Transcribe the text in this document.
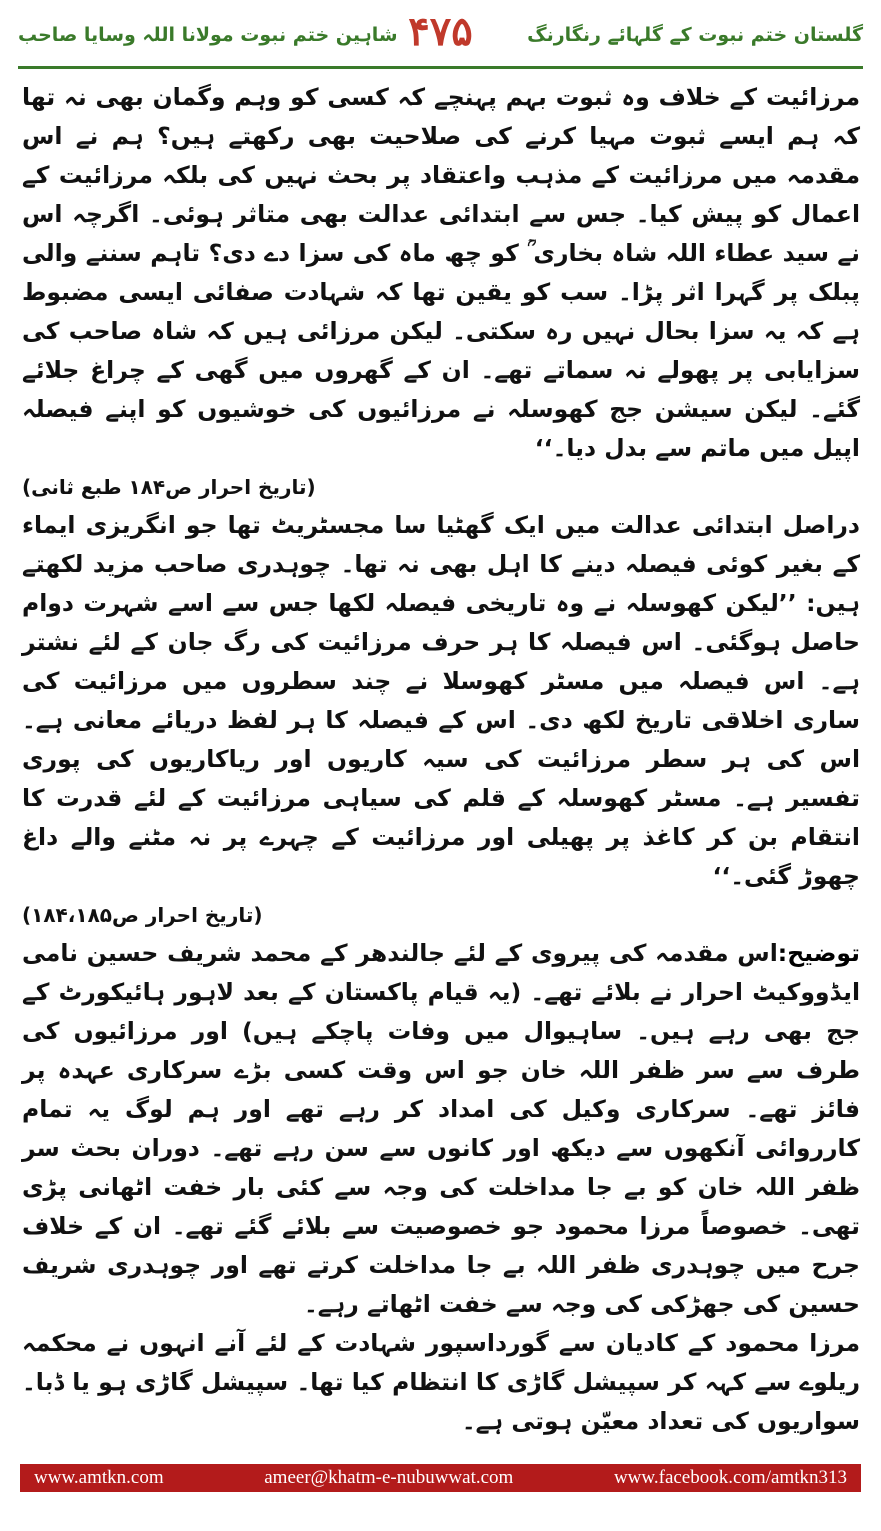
شاہین ختم نبوت مولانا اللہ وسایا صاحب ۴۷۵	گلستان ختم نبوت کے گلہائے رنگارنگ

مرزائیت کے خلاف وہ ثبوت بہم پہنچے کہ کسی کو وہم وگمان بھی نہ تھا کہ ہم ایسے ثبوت مہیا کرنے کی صلاحیت بھی رکھتے ہیں؟ ہم نے اس مقدمہ میں مرزائیت کے مذہب واعتقاد پر بحث نہیں کی بلکہ مرزائیت کے اعمال کو پیش کیا۔ جس سے ابتدائی عدالت بھی متاثر ہوئی۔ اگرچہ اس نے سید عطاء اللہ شاہ بخاری ؒ کو چھ ماہ کی سزا دے دی؟ تاہم سننے والی پبلک پر گہرا اثر پڑا۔ سب کو یقین تھا کہ شہادت صفائی ایسی مضبوط ہے کہ یہ سزا بحال نہیں رہ سکتی۔ لیکن مرزائی ہیں کہ شاہ صاحب کی سزایابی پر پھولے نہ سماتے تھے۔ ان کے گھروں میں گھی کے چراغ جلائے گئے۔ لیکن سیشن جج کھوسلہ نے مرزائیوں کی خوشیوں کو اپنے فیصلہ اپیل میں ماتم سے بدل دیا۔‘‘

(تاریخ احرار ص۱۸۴ طبع ثانی)

دراصل ابتدائی عدالت میں ایک گھٹیا سا مجسٹریٹ تھا جو انگریزی ایماء کے بغیر کوئی فیصلہ دینے کا اہل بھی نہ تھا۔ چوہدری صاحب مزید لکھتے ہیں: ’’لیکن کھوسلہ نے وہ تاریخی فیصلہ لکھا جس سے اسے شہرت دوام حاصل ہوگئی۔ اس فیصلہ کا ہر حرف مرزائیت کی رگ جان کے لئے نشتر ہے۔ اس فیصلہ میں مسٹر کھوسلا نے چند سطروں میں مرزائیت کی ساری اخلاقی تاریخ لکھ دی۔ اس کے فیصلہ کا ہر لفظ دریائے معانی ہے۔ اس کی ہر سطر مرزائیت کی سیہ کاریوں اور ریاکاریوں کی پوری تفسیر ہے۔ مسٹر کھوسلہ کے قلم کی سیاہی مرزائیت کے لئے قدرت کا انتقام بن کر کاغذ پر پھیلی اور مرزائیت کے چہرے پر نہ مٹنے والے داغ چھوڑ گئی۔‘‘

(تاریخ احرار ص۱۸۴،۱۸۵)

توضیح:اس مقدمہ کی پیروی کے لئے جالندھر کے محمد شریف حسین نامی ایڈووکیٹ احرار نے بلائے تھے۔ (یہ قیام پاکستان کے بعد لاہور ہائیکورٹ کے جج بھی رہے ہیں۔ ساہیوال میں وفات پاچکے ہیں) اور مرزائیوں کی طرف سے سر ظفر اللہ خان جو اس وقت کسی بڑے سرکاری عہدہ پر فائز تھے۔ سرکاری وکیل کی امداد کر رہے تھے اور ہم لوگ یہ تمام کارروائی آنکھوں سے دیکھ اور کانوں سے سن رہے تھے۔ دوران بحث سر ظفر اللہ خان کو بے جا مداخلت کی وجہ سے کئی بار خفت اٹھانی پڑی تھی۔ خصوصاً مرزا محمود جو خصوصیت سے بلائے گئے تھے۔ ان کے خلاف جرح میں چوہدری ظفر اللہ بے جا مداخلت کرتے تھے اور چوہدری شریف حسین کی جھڑکی کی وجہ سے خفت اٹھاتے رہے۔

مرزا محمود کے کادیان سے گورداسپور شہادت کے لئے آنے انہوں نے محکمہ ریلوے سے کہہ کر سپیشل گاڑی کا انتظام کیا تھا۔ سپیشل گاڑی ہو یا ڈبا۔ سواریوں کی تعداد معیّن ہوتی ہے۔

www.amtkn.com	ameer@khatm-e-nubuwwat.com	www.facebook.com/amtkn313
